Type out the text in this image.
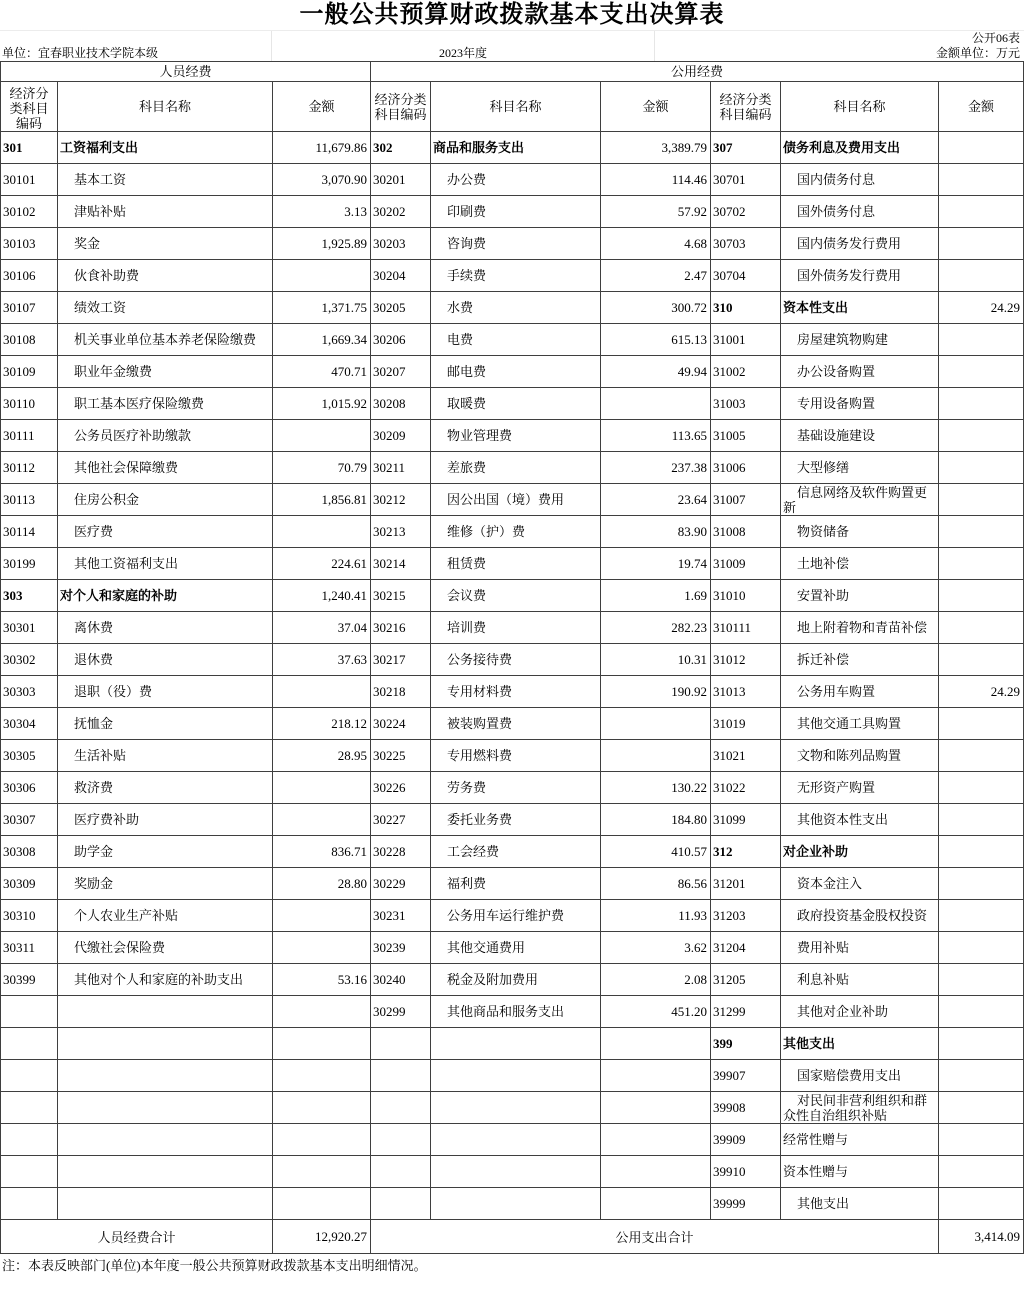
一般公共预算财政拨款基本支出决算表
公开06表
单位：宜春职业技术学院本级	2023年度	金额单位：万元
人员经费			公用经费					
经济分类科目编码	科目名称	金额	经济分类科目编码	科目名称	金额	经济分类科目编码	科目名称	金额
301	工资福利支出	11,679.86	302	商品和服务支出	3,389.79	307	债务利息及费用支出	
30101	基本工资	3,070.90	30201	办公费	114.46	30701	国内债务付息	
30102	津贴补贴	3.13	30202	印刷费	57.92	30702	国外债务付息	
30103	奖金	1,925.89	30203	咨询费	4.68	30703	国内债务发行费用	
30106	伙食补助费		30204	手续费	2.47	30704	国外债务发行费用	
30107	绩效工资	1,371.75	30205	水费	300.72	310	资本性支出	24.29
30108	机关事业单位基本养老保险缴费	1,669.34	30206	电费	615.13	31001	房屋建筑物购建	
30109	职业年金缴费	470.71	30207	邮电费	49.94	31002	办公设备购置	
30110	职工基本医疗保险缴费	1,015.92	30208	取暖费		31003	专用设备购置	
30111	公务员医疗补助缴款		30209	物业管理费	113.65	31005	基础设施建设	
30112	其他社会保障缴费	70.79	30211	差旅费	237.38	31006	大型修缮	
30113	住房公积金	1,856.81	30212	因公出国（境）费用	23.64	31007	信息网络及软件购置更新	
30114	医疗费		30213	维修（护）费	83.90	31008	物资储备	
30199	其他工资福利支出	224.61	30214	租赁费	19.74	31009	土地补偿	
303	对个人和家庭的补助	1,240.41	30215	会议费	1.69	31010	安置补助	
30301	离休费	37.04	30216	培训费	282.23	310111	地上附着物和青苗补偿	
30302	退休费	37.63	30217	公务接待费	10.31	31012	拆迁补偿	
30303	退职（役）费		30218	专用材料费	190.92	31013	公务用车购置	24.29
30304	抚恤金	218.12	30224	被装购置费		31019	其他交通工具购置	
30305	生活补贴	28.95	30225	专用燃料费		31021	文物和陈列品购置	
30306	救济费		30226	劳务费	130.22	31022	无形资产购置	
30307	医疗费补助		30227	委托业务费	184.80	31099	其他资本性支出	
30308	助学金	836.71	30228	工会经费	410.57	312	对企业补助	
30309	奖励金	28.80	30229	福利费	86.56	31201	资本金注入	
30310	个人农业生产补贴		30231	公务用车运行维护费	11.93	31203	政府投资基金股权投资	
30311	代缴社会保险费		30239	其他交通费用	3.62	31204	费用补贴	
30399	其他对个人和家庭的补助支出	53.16	30240	税金及附加费用	2.08	31205	利息补贴	
			30299	其他商品和服务支出	451.20	31299	其他对企业补助	
						399	其他支出	
						39907	国家赔偿费用支出	
						39908	对民间非营利组织和群众性自治组织补贴	
						39909	经常性赠与	
						39910	资本性赠与	
						39999	其他支出	
人员经费合计		12,920.27	公用支出合计					3,414.09
注：本表反映部门(单位)本年度一般公共预算财政拨款基本支出明细情况。
